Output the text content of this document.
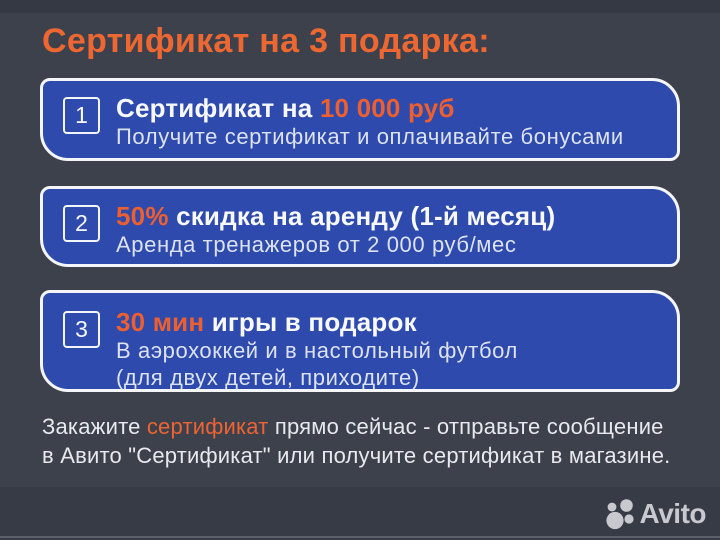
Сертификат на 3 подарка:
1 Сертификат на 10 000 руб
Получите сертификат и оплачивайте бонусами
2 50% скидка на аренду (1-й месяц)
Аренда тренажеров от 2 000 руб/мес
3 30 мин игры в подарок
В аэрохоккей и в настольный футбол
(для двух детей, приходите)

Закажите сертификат прямо сейчас - отправьте сообщение
в Авито "Сертификат" или получите сертификат в магазине.

Avito
